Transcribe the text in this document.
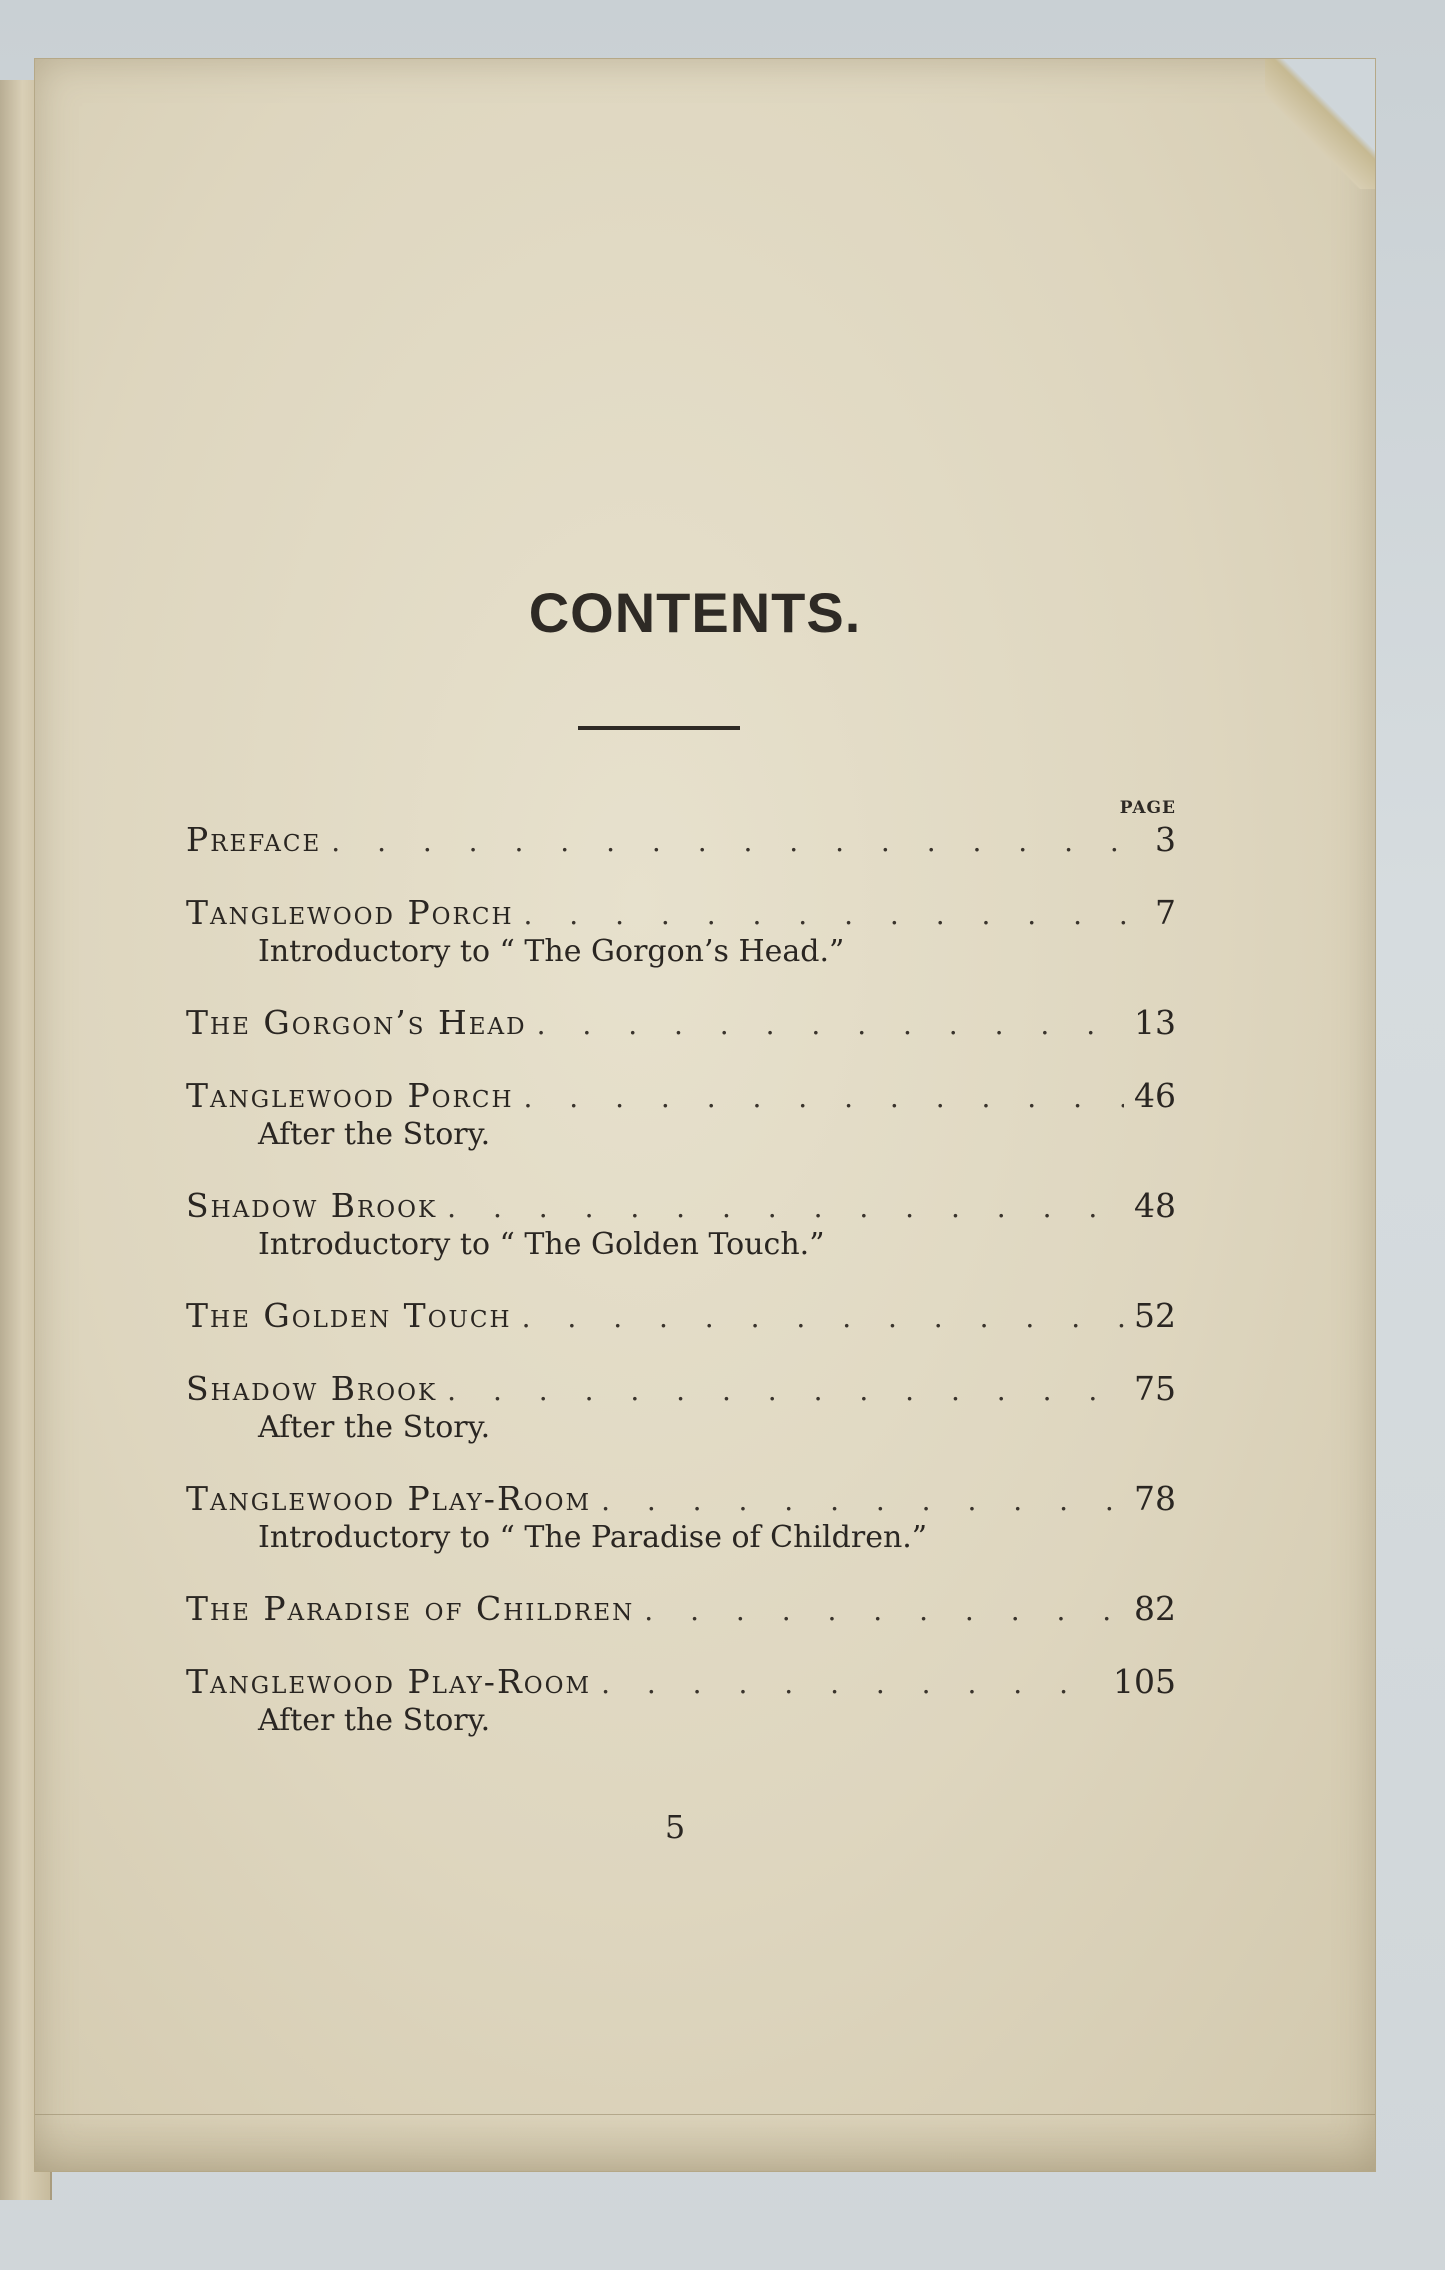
CONTENTS.
PAGE
Preface . . .	3
Tanglewood Porch . . .	7
Introductory to “ The Gorgon’s Head.”
The Gorgon’s Head . . .	13
Tanglewood Porch . . .	46
After the Story.
Shadow Brook . . .	48
Introductory to “ The Golden Touch.”
The Golden Touch . . .	52
Shadow Brook . . .	75
After the Story.
Tanglewood Play-Room . . .	78
Introductory to “ The Paradise of Children.”
The Paradise of Children . . .	82
Tanglewood Play-Room . . .	105
After the Story.
5
